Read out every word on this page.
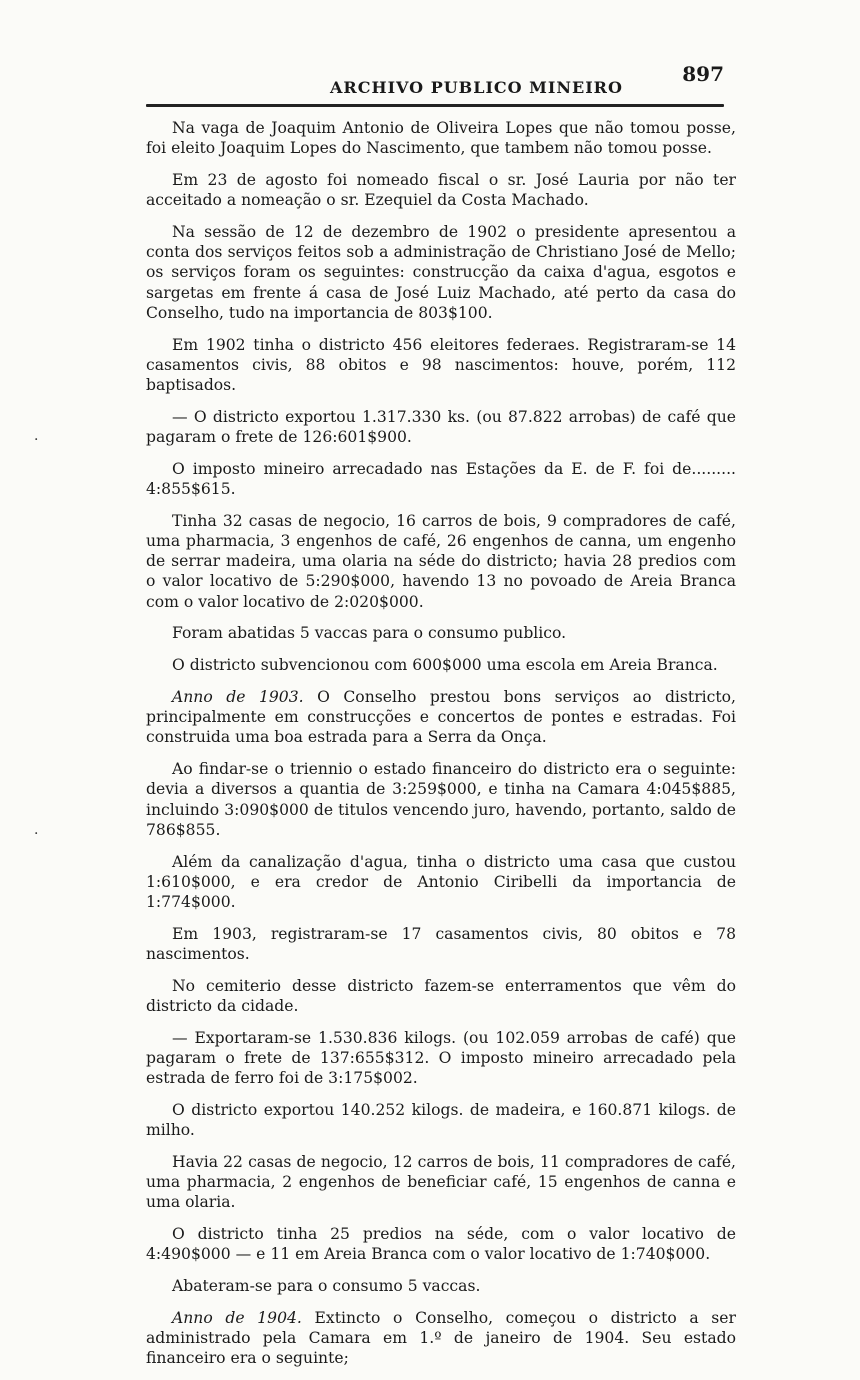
ARCHIVO PUBLICO MINEIRO
897
·
·

Na vaga de Joaquim Antonio de Oliveira Lopes que não tomou posse, foi eleito Joaquim Lopes do Nascimento, que tambem não tomou posse.

Em 23 de agosto foi nomeado fiscal o sr. José Lauria por não ter acceitado a nomeação o sr. Ezequiel da Costa Machado.

Na sessão de 12 de dezembro de 1902 o presidente apresentou a conta dos serviços feitos sob a administração de Christiano José de Mello; os serviços foram os seguintes: construcção da caixa d'agua, esgotos e sargetas em frente á casa de José Luiz Machado, até perto da casa do Conselho, tudo na importancia de 803$100.

Em 1902 tinha o districto 456 eleitores federaes. Registraram-se 14 casamentos civis, 88 obitos e 98 nascimentos: houve, porém, 112 baptisados.

— O districto exportou 1.317.330 ks. (ou 87.822 arrobas) de café que pagaram o frete de 126:601$900.

O imposto mineiro arrecadado nas Estações da E. de F. foi de......... 4:855$615.

Tinha 32 casas de negocio, 16 carros de bois, 9 compradores de café, uma pharmacia, 3 engenhos de café, 26 engenhos de canna, um engenho de serrar madeira, uma olaria na séde do districto; havia 28 predios com o valor locativo de 5:290$000, havendo 13 no povoado de Areia Branca com o valor locativo de 2:020$000.

Foram abatidas 5 vaccas para o consumo publico.

O districto subvencionou com 600$000 uma escola em Areia Branca.

Anno de 1903. O Conselho prestou bons serviços ao districto, principalmente em construcções e concertos de pontes e estradas. Foi construida uma boa estrada para a Serra da Onça.

Ao findar-se o triennio o estado financeiro do districto era o seguinte: devia a diversos a quantia de 3:259$000, e tinha na Camara 4:045$885, incluindo 3:090$000 de titulos vencendo juro, havendo, portanto, saldo de 786$855.

Além da canalização d'agua, tinha o districto uma casa que custou 1:610$000, e era credor de Antonio Ciribelli da importancia de 1:774$000.

Em 1903, registraram-se 17 casamentos civis, 80 obitos e 78 nascimentos.

No cemiterio desse districto fazem-se enterramentos que vêm do districto da cidade.

— Exportaram-se 1.530.836 kilogs. (ou 102.059 arrobas de café) que pagaram o frete de 137:655$312. O imposto mineiro arrecadado pela estrada de ferro foi de 3:175$002.

O districto exportou 140.252 kilogs. de madeira, e 160.871 kilogs. de milho.

Havia 22 casas de negocio, 12 carros de bois, 11 compradores de café, uma pharmacia, 2 engenhos de beneficiar café, 15 engenhos de canna e uma olaria.

O districto tinha 25 predios na séde, com o valor locativo de 4:490$000 — e 11 em Areia Branca com o valor locativo de 1:740$000.

Abateram-se para o consumo 5 vaccas.

Anno de 1904. Extincto o Conselho, começou o districto a ser administrado pela Camara em 1.º de janeiro de 1904. Seu estado financeiro era o seguinte;
